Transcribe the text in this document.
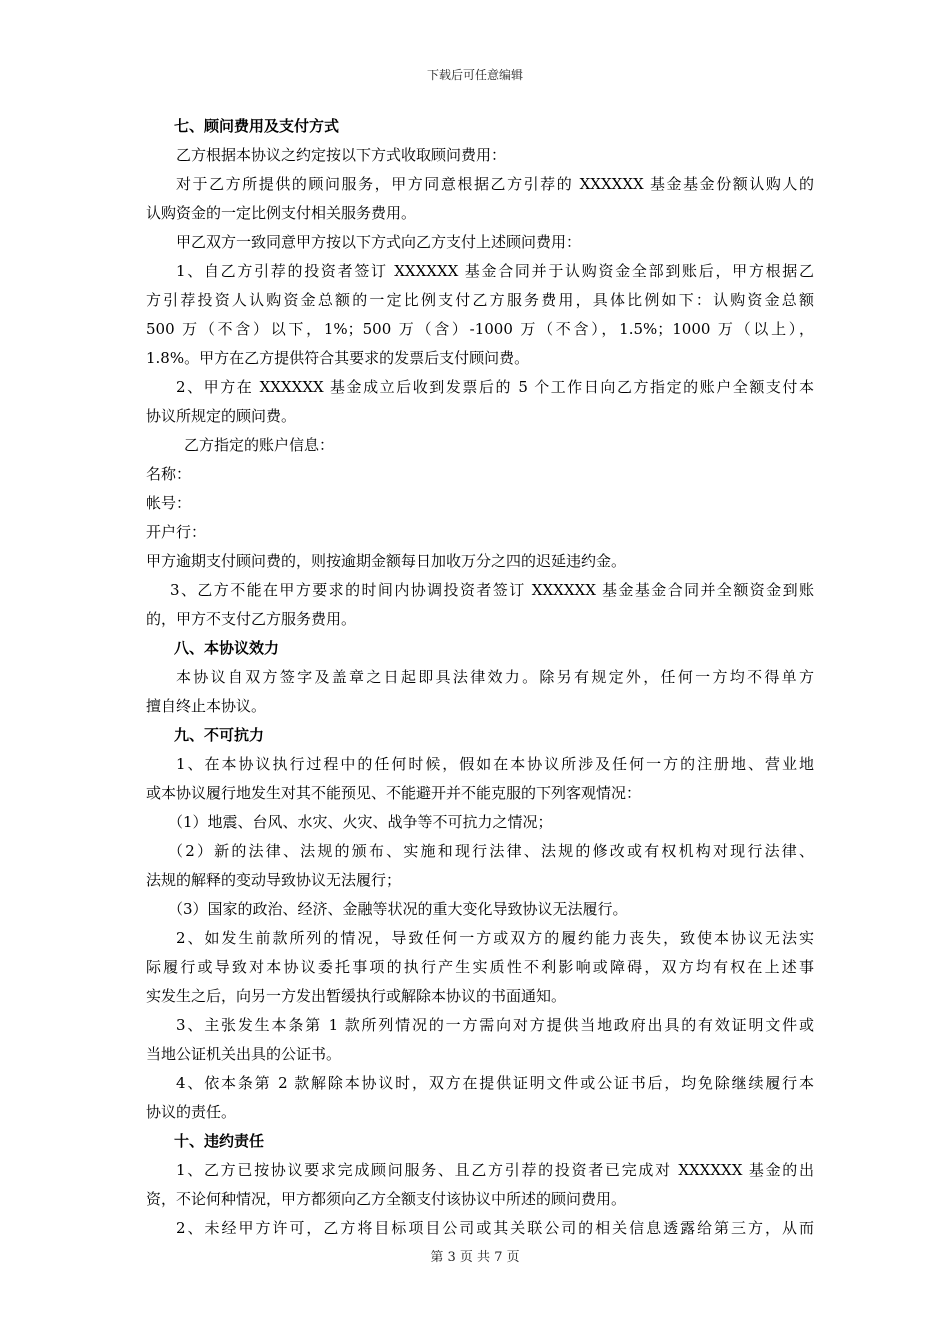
下载后可任意编辑
七、顾问费用及支付方式
乙方根据本协议之约定按以下方式收取顾问费用：
对于乙方所提供的顾问服务，甲方同意根据乙方引荐的 XXXXXX 基金基金份额认购人的
认购资金的一定比例支付相关服务费用。
甲乙双方一致同意甲方按以下方式向乙方支付上述顾问费用：
1、自乙方引荐的投资者签订 XXXXXX 基金合同并于认购资金全部到账后，甲方根据乙
方引荐投资人认购资金总额的一定比例支付乙方服务费用，具体比例如下：认购资金总额
500 万（不含）以下，1%；500 万（含）-1000 万（不含），1.5%；1000 万（以上），
1.8%。甲方在乙方提供符合其要求的发票后支付顾问费。
2、甲方在 XXXXXX 基金成立后收到发票后的 5 个工作日向乙方指定的账户全额支付本
协议所规定的顾问费。
乙方指定的账户信息：
名称：
帐号：
开户行：
甲方逾期支付顾问费的，则按逾期金额每日加收万分之四的迟延违约金。
3、乙方不能在甲方要求的时间内协调投资者签订 XXXXXX 基金基金合同并全额资金到账
的，甲方不支付乙方服务费用。
八、本协议效力
本协议自双方签字及盖章之日起即具法律效力。除另有规定外，任何一方均不得单方
擅自终止本协议。
九、不可抗力
1、在本协议执行过程中的任何时候，假如在本协议所涉及任何一方的注册地、营业地
或本协议履行地发生对其不能预见、不能避开并不能克服的下列客观情况：
（1）地震、台风、水灾、火灾、战争等不可抗力之情况；
（2）新的法律、法规的颁布、实施和现行法律、法规的修改或有权机构对现行法律、
法规的解释的变动导致协议无法履行；
（3）国家的政治、经济、金融等状况的重大变化导致协议无法履行。
2、如发生前款所列的情况，导致任何一方或双方的履约能力丧失，致使本协议无法实
际履行或导致对本协议委托事项的执行产生实质性不利影响或障碍，双方均有权在上述事
实发生之后，向另一方发出暂缓执行或解除本协议的书面通知。
3、主张发生本条第 1 款所列情况的一方需向对方提供当地政府出具的有效证明文件或
当地公证机关出具的公证书。
4、依本条第 2 款解除本协议时，双方在提供证明文件或公证书后，均免除继续履行本
协议的责任。
十、违约责任
1、乙方已按协议要求完成顾问服务、且乙方引荐的投资者已完成对 XXXXXX 基金的出
资，不论何种情况，甲方都须向乙方全额支付该协议中所述的顾问费用。
2、未经甲方许可，乙方将目标项目公司或其关联公司的相关信息透露给第三方，从而
第 3 页 共 7 页
